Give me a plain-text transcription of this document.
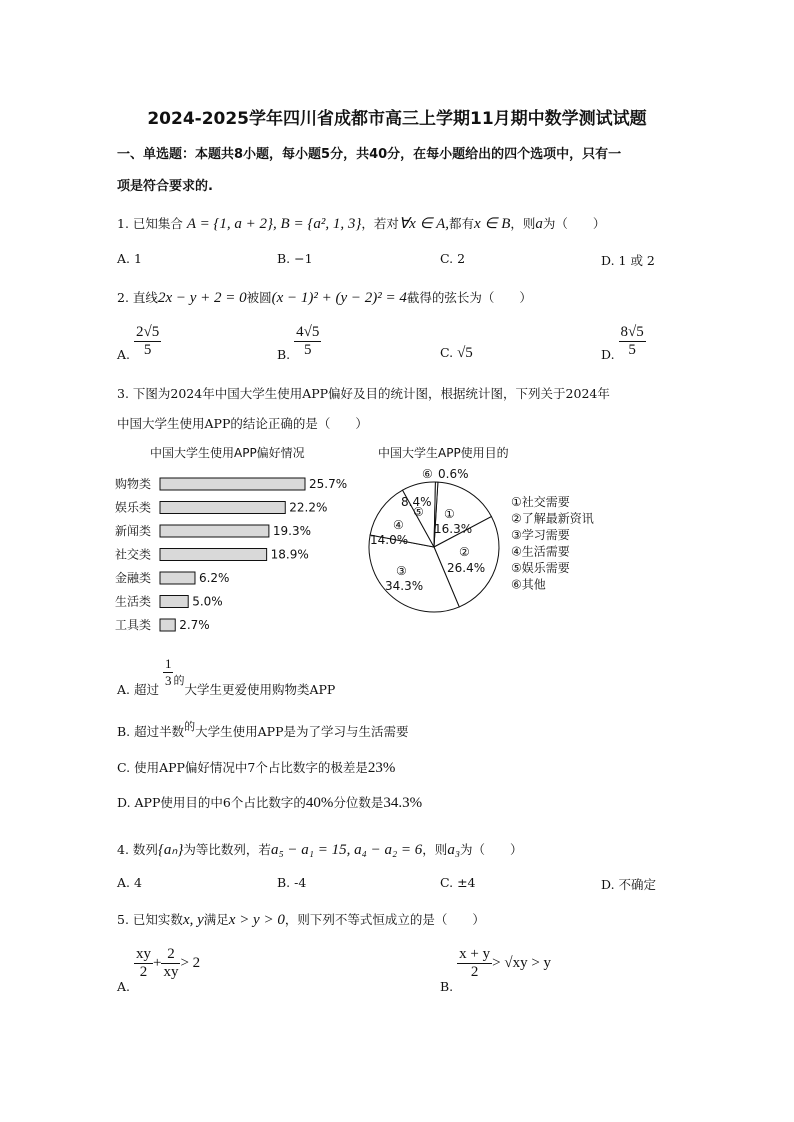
2024-2025学年四川省成都市高三上学期11月期中数学测试试题
一、单选题：本题共8小题，每小题5分，共40分，在每小题给出的四个选项中，只有一
项是符合要求的.
1. 已知集合 A = {1, a + 2}, B = {a², 1, 3}，若对∀x ∈ A,都有x ∈ B，则a为（　　）
A. 1	B. −1	C. 2	D. 1 或 2
2. 直线2x − y + 2 = 0被圆(x − 1)² + (y − 2)² = 4截得的弦长为（　　）
A. $\frac{2√5}{5}$	B. $\frac{4√5}{5}$	C. √5	D. $\frac{8√5}{5}$
3. 下图为2024年中国大学生使用APP偏好及目的统计图，根据统计图，下列关于2024年
中国大学生使用APP的结论正确的是（　　）
中国大学生使用APP偏好情况
购物类	25.7%
娱乐类	22.2%
新闻类	19.3%
社交类	18.9%
金融类	6.2%
生活类	5.0%
工具类 2.7%
中国大学生APP使用目的
①
16.3%
②
26.4%
③
34.3%
④
14.0%
8.4%
⑤
⑥ 0.6%
①社交需要
②了解最新资讯
③学习需要
④生活需要
⑤娱乐需要
⑥其他
A. 超过
$\frac{1}{3}$ 的大学生更爱使用购物类APP
B. 超过半数的大学生使用APP是为了学习与生活需要
C. 使用APP偏好情况中7个占比数字的极差是23%
D. APP使用目的中6个占比数字的40%分位数是34.3%
4. 数列{aₙ}为等比数列，若a₅ − a₁ = 15, a₄ − a₂ = 6，则a₃为（　　）
A. 4	B. -4	C. ±4	D. 不确定
5. 已知实数x, y满足x > y > 0，则下列不等式恒成立的是（　　）
A.
$\frac{xy}{2} + \frac{2}{xy} > 2$
B.
$\frac{x + y}{2} > √xy > y$
